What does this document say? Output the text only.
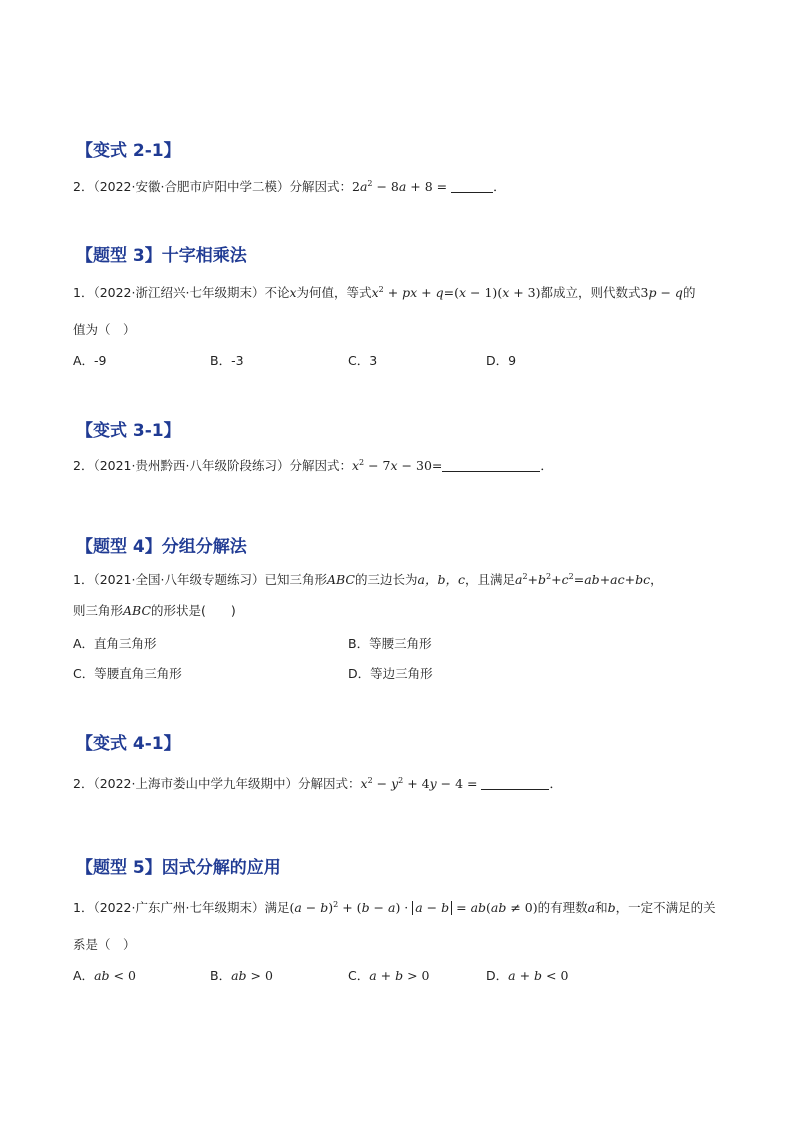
【变式 2-1】
2．（2022·安徽·合肥市庐阳中学二模）分解因式：$2a^2 - 8a + 8$ =	．
【题型 3】十字相乘法
1．（2022·浙江绍兴·七年级期末）不论x为何值，等式$x^2$ + px + q=(x − 1)(x + 3)都成立，则代数式3p − q的
值为（　）
A．-9	B．-3	C．3	D．9
【变式 3-1】
2．（2021·贵州黔西·八年级阶段练习）分解因式：$x^2 - 7x - 30=$	．
【题型 4】分组分解法
1．（2021·全国·八年级专题练习）已知三角形ABC的三边长为a，b，c，且满足$a^2+b^2+c^2=ab+ac+bc$，
则三角形ABC的形状是(　　)
A．直角三角形	B．等腰三角形
C．等腰直角三角形	D．等边三角形
【变式 4-1】
2．（2022·上海市娄山中学九年级期中）分解因式：$x^2 - y^2 + 4y - 4$ =	．
【题型 5】因式分解的应用
1．（2022·广东广州·七年级期末）满足$(a - b)^2 + (b - a) \cdot a - b = ab(ab \ne 0)$的有理数a和b，一定不满足的关
系是（　）
A．ab < 0	B．ab > 0	C．a + b > 0	D．a + b < 0
